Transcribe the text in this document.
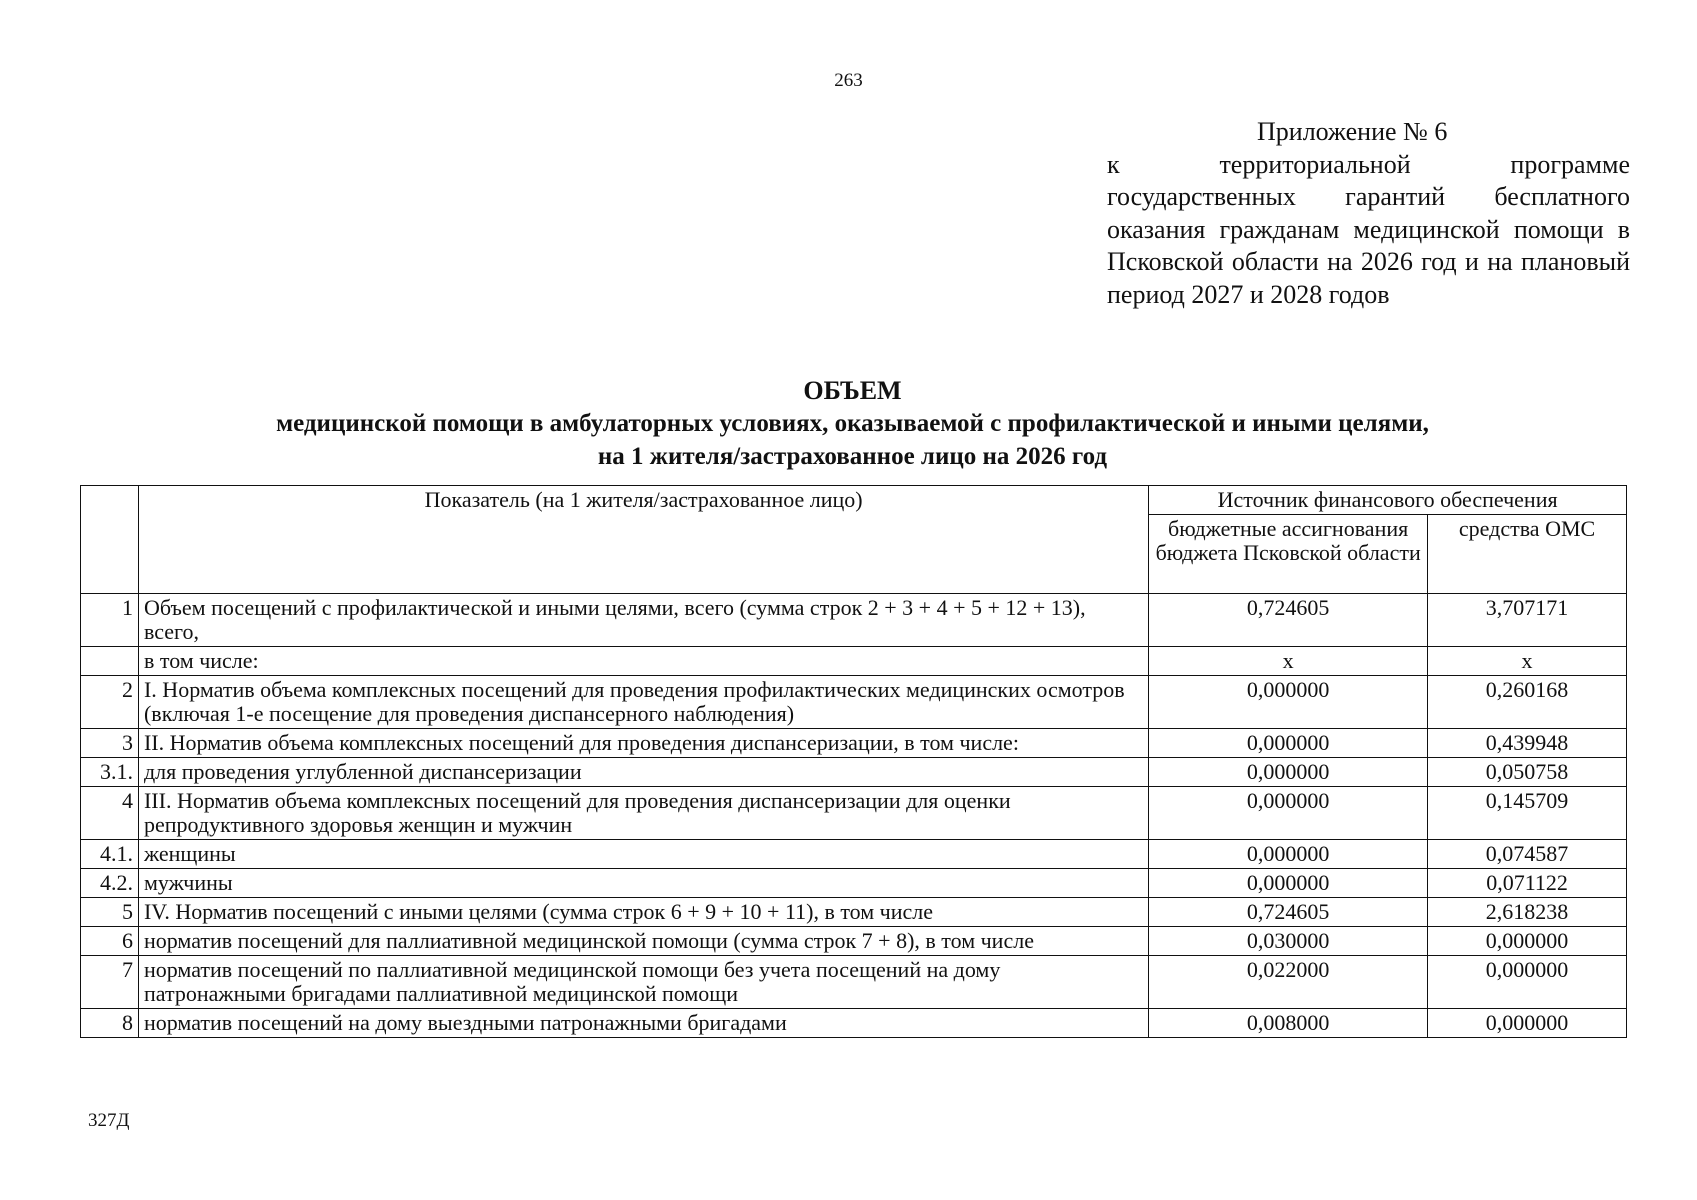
263
Приложение № 6
к территориальной программе государственных гарантий бесплатного оказания гражданам медицинской помощи в Псковской области на 2026 год и на плановый период 2027 и 2028 годов
ОБЪЕМ
медицинской помощи в амбулаторных условиях, оказываемой с профилактической и иными целями,
на 1 жителя/застрахованное лицо на 2026 год
	Показатель (на 1 жителя/застрахованное лицо)	Источник финансового обеспечения	
		бюджетные ассигнования бюджета Псковской области	средства ОМС
1	Объем посещений с профилактической и иными целями, всего (сумма строк 2 + 3 + 4 + 5 + 12 + 13), всего,	0,724605	3,707171
	в том числе:	х	х
2	I. Норматив объема комплексных посещений для проведения профилактических медицинских осмотров (включая 1-е посещение для проведения диспансерного наблюдения)	0,000000	0,260168
3	II. Норматив объема комплексных посещений для проведения диспансеризации, в том числе:	0,000000	0,439948
3.1.	для проведения углубленной диспансеризации	0,000000	0,050758
4	III. Норматив объема комплексных посещений для проведения диспансеризации для оценки репродуктивного здоровья женщин и мужчин	0,000000	0,145709
4.1.	женщины	0,000000	0,074587
4.2.	мужчины	0,000000	0,071122
5	IV. Норматив посещений с иными целями (сумма строк 6 + 9 + 10 + 11), в том числе	0,724605	2,618238
6	норматив посещений для паллиативной медицинской помощи (сумма строк 7 + 8), в том числе	0,030000	0,000000
7	норматив посещений по паллиативной медицинской помощи без учета посещений на дому патронажными бригадами паллиативной медицинской помощи	0,022000	0,000000
8	норматив посещений на дому выездными патронажными бригадами	0,008000	0,000000
327Д
